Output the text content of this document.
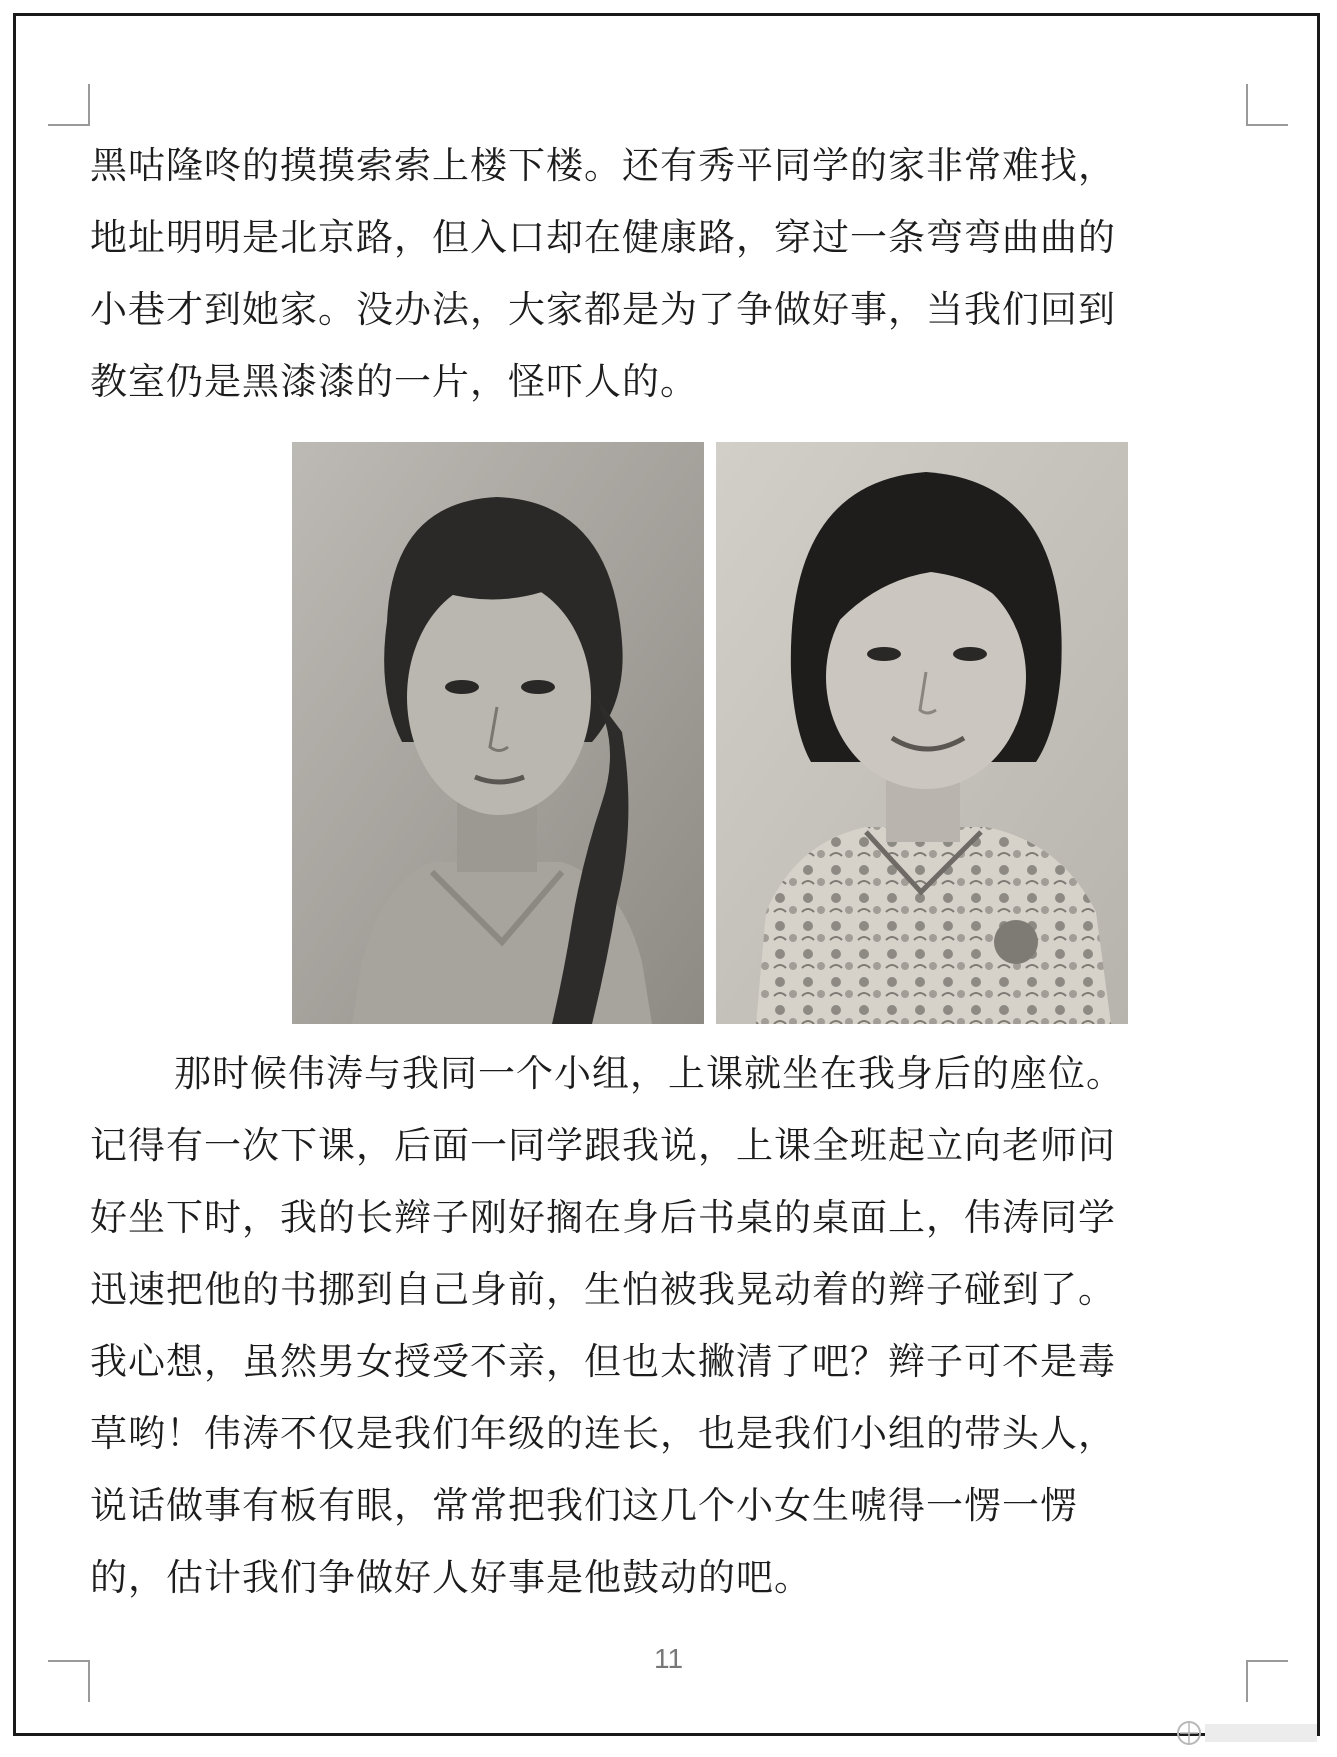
黑咕隆咚的摸摸索索上楼下楼。还有秀平同学的家非常难找，
地址明明是北京路，但入口却在健康路，穿过一条弯弯曲曲的
小巷才到她家。没办法，大家都是为了争做好事，当我们回到
教室仍是黑漆漆的一片，怪吓人的。
那时候伟涛与我同一个小组，上课就坐在我身后的座位。
记得有一次下课，后面一同学跟我说，上课全班起立向老师问
好坐下时，我的长辫子刚好搁在身后书桌的桌面上，伟涛同学
迅速把他的书挪到自己身前，生怕被我晃动着的辫子碰到了。
我心想，虽然男女授受不亲，但也太撇清了吧？辫子可不是毒
草哟！伟涛不仅是我们年级的连长，也是我们小组的带头人，
说话做事有板有眼，常常把我们这几个小女生唬得一愣一愣
的，估计我们争做好人好事是他鼓动的吧。
11
